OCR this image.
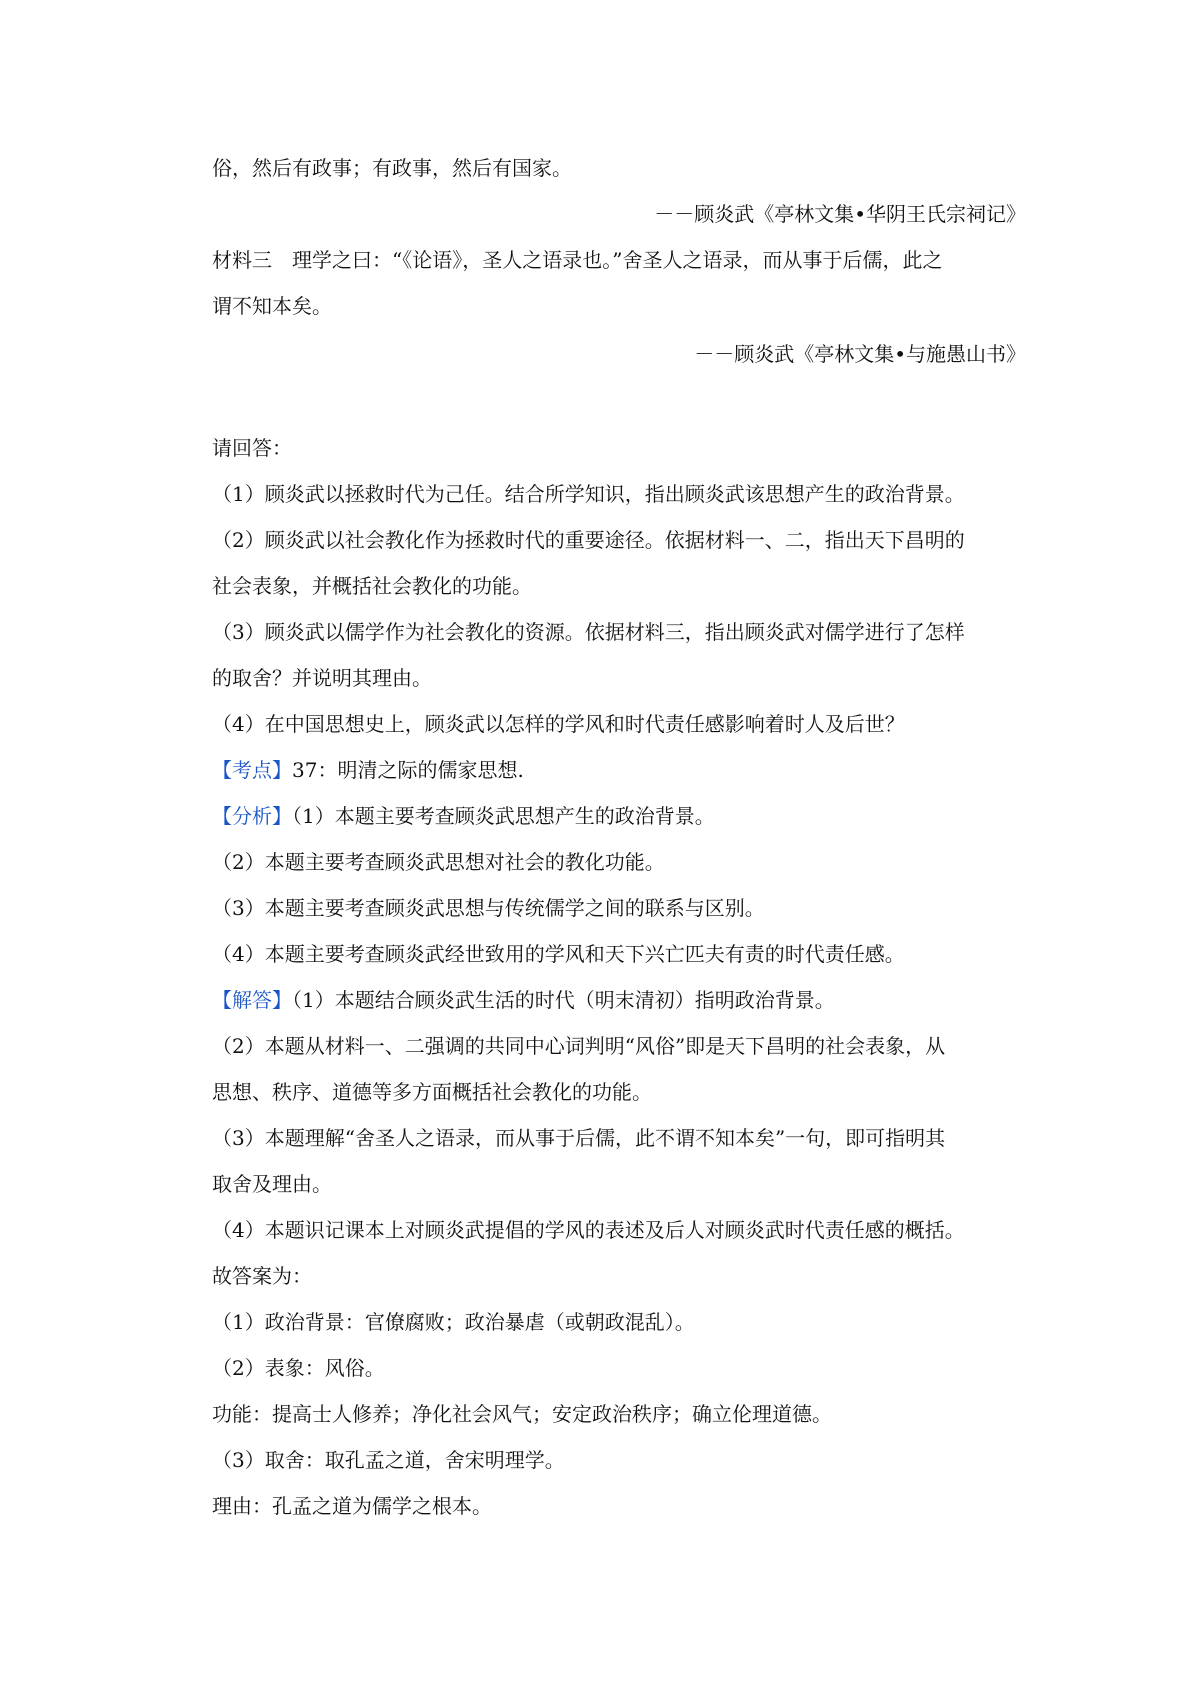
俗，然后有政事；有政事，然后有国家。
－－顾炎武《亭林文集•华阴王氏宗祠记》
材料三　理学之曰：“《论语》，圣人之语录也。”舍圣人之语录，而从事于后儒，此之
谓不知本矣。
－－顾炎武《亭林文集•与施愚山书》
请回答：
（1）顾炎武以拯救时代为己任。结合所学知识，指出顾炎武该思想产生的政治背景。
（2）顾炎武以社会教化作为拯救时代的重要途径。依据材料一、二，指出天下昌明的
社会表象，并概括社会教化的功能。
（3）顾炎武以儒学作为社会教化的资源。依据材料三，指出顾炎武对儒学进行了怎样
的取舍？并说明其理由。
（4）在中国思想史上，顾炎武以怎样的学风和时代责任感影响着时人及后世？
【考点】37：明清之际的儒家思想.
【分析】（1）本题主要考查顾炎武思想产生的政治背景。
（2）本题主要考查顾炎武思想对社会的教化功能。
（3）本题主要考查顾炎武思想与传统儒学之间的联系与区别。
（4）本题主要考查顾炎武经世致用的学风和天下兴亡匹夫有责的时代责任感。
【解答】（1）本题结合顾炎武生活的时代（明末清初）指明政治背景。
（2）本题从材料一、二强调的共同中心词判明“风俗”即是天下昌明的社会表象，从
思想、秩序、道德等多方面概括社会教化的功能。
（3）本题理解“舍圣人之语录，而从事于后儒，此不谓不知本矣”一句，即可指明其
取舍及理由。
（4）本题识记课本上对顾炎武提倡的学风的表述及后人对顾炎武时代责任感的概括。
故答案为：
（1）政治背景：官僚腐败；政治暴虐（或朝政混乱）。
（2）表象：风俗。
功能：提高士人修养；净化社会风气；安定政治秩序；确立伦理道德。
（3）取舍：取孔孟之道，舍宋明理学。
理由：孔孟之道为儒学之根本。
